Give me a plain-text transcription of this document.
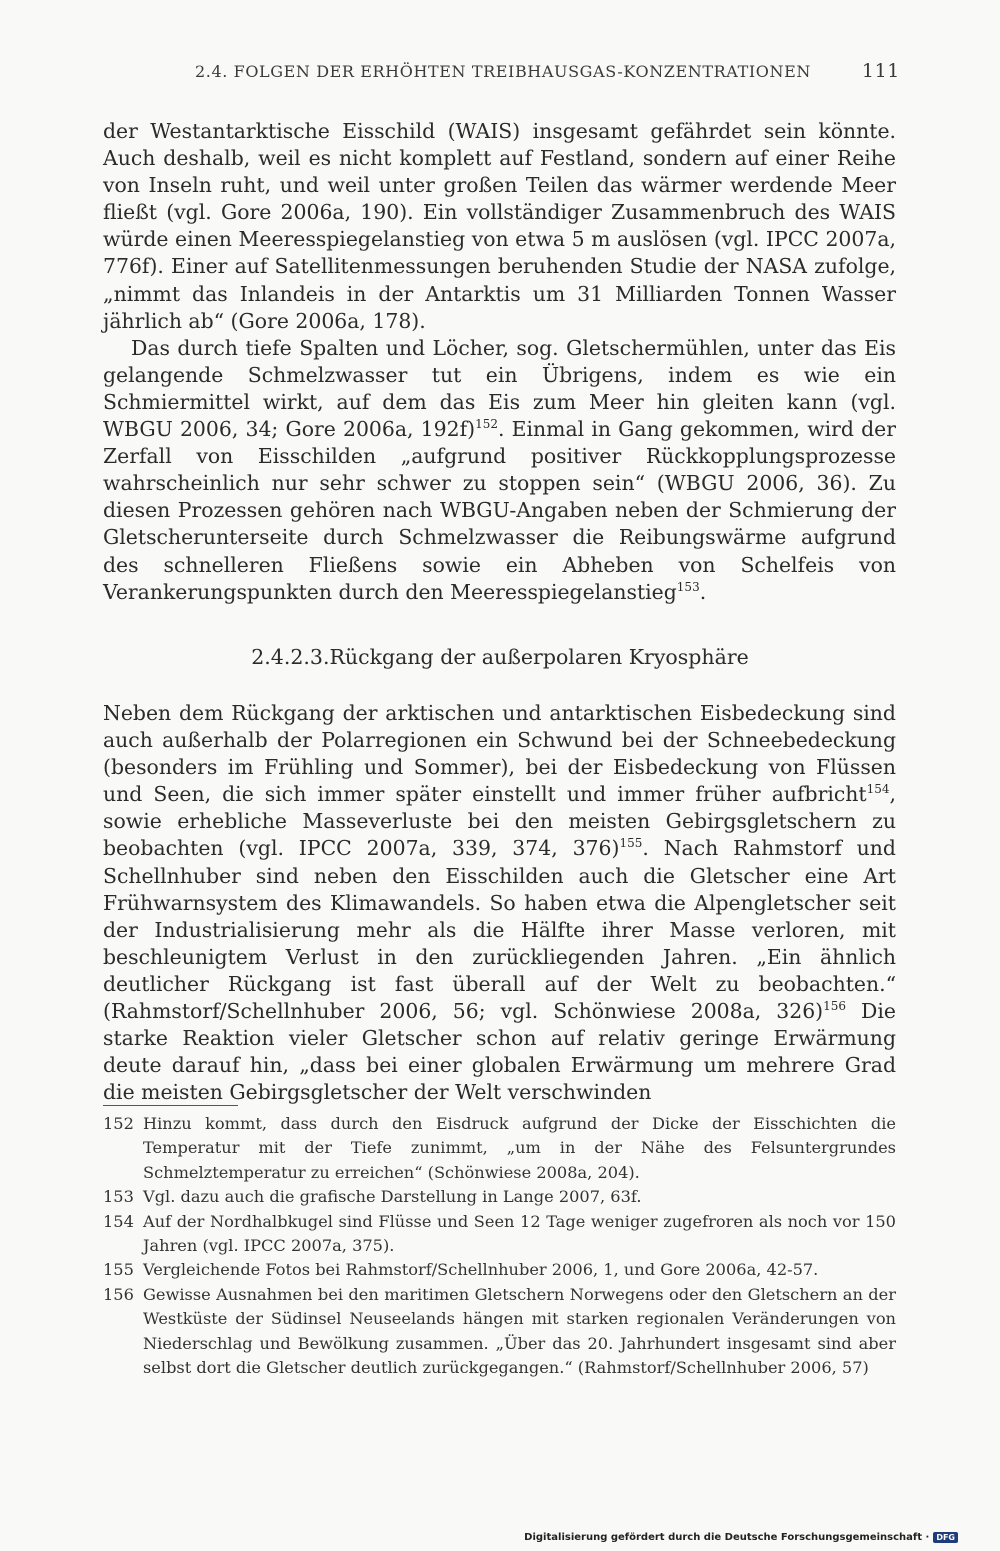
2.4. FOLGEN DER ERHÖHTEN TREIBHAUSGAS-KONZENTRATIONEN	111

der Westantarktische Eisschild (WAIS) insgesamt gefährdet sein könnte. Auch deshalb, weil es nicht komplett auf Festland, sondern auf einer Reihe von Inseln ruht, und weil unter großen Teilen das wärmer werdende Meer fließt (vgl. Gore 2006a, 190). Ein vollständiger Zusammenbruch des WAIS würde einen Meeresspiegelanstieg von etwa 5 m auslösen (vgl. IPCC 2007a, 776f). Einer auf Satellitenmessungen beruhenden Studie der NASA zufolge, „nimmt das Inlandeis in der Antarktis um 31 Milliarden Tonnen Wasser jährlich ab“ (Gore 2006a, 178).

Das durch tiefe Spalten und Löcher, sog. Gletschermühlen, unter das Eis gelangende Schmelzwasser tut ein Übrigens, indem es wie ein Schmiermittel wirkt, auf dem das Eis zum Meer hin gleiten kann (vgl. WBGU 2006, 34; Gore 2006a, 192f)$^{152}$. Einmal in Gang gekommen, wird der Zerfall von Eisschilden „aufgrund positiver Rückkopplungsprozesse wahrscheinlich nur sehr schwer zu stoppen sein“ (WBGU 2006, 36). Zu diesen Prozessen gehören nach WBGU-Angaben neben der Schmierung der Gletscherunterseite durch Schmelzwasser die Reibungswärme aufgrund des schnelleren Fließens sowie ein Abheben von Schelfeis von Verankerungspunkten durch den Meeresspiegelanstieg$^{153}$.

2.4.2.3.Rückgang der außerpolaren Kryosphäre

Neben dem Rückgang der arktischen und antarktischen Eisbedeckung sind auch außerhalb der Polarregionen ein Schwund bei der Schneebedeckung (besonders im Frühling und Sommer), bei der Eisbedeckung von Flüssen und Seen, die sich immer später einstellt und immer früher aufbricht$^{154}$, sowie erhebliche Masseverluste bei den meisten Gebirgsgletschern zu beobachten (vgl. IPCC 2007a, 339, 374, 376)$^{155}$. Nach Rahmstorf und Schellnhuber sind neben den Eisschilden auch die Gletscher eine Art Frühwarnsystem des Klimawandels. So haben etwa die Alpengletscher seit der Industrialisierung mehr als die Hälfte ihrer Masse verloren, mit beschleunigtem Verlust in den zurückliegenden Jahren. „Ein ähnlich deutlicher Rückgang ist fast überall auf der Welt zu beobachten.“ (Rahmstorf/Schellnhuber 2006, 56; vgl. Schönwiese 2008a, 326)$^{156}$ Die starke Reaktion vieler Gletscher schon auf relativ geringe Erwärmung deute darauf hin, „dass bei einer globalen Erwärmung um mehrere Grad die meisten Gebirgsgletscher der Welt verschwinden

152 Hinzu kommt, dass durch den Eisdruck aufgrund der Dicke der Eisschichten die Temperatur mit der Tiefe zunimmt, „um in der Nähe des Felsuntergrundes Schmelztemperatur zu erreichen“ (Schönwiese 2008a, 204).
153 Vgl. dazu auch die grafische Darstellung in Lange 2007, 63f.
154 Auf der Nordhalbkugel sind Flüsse und Seen 12 Tage weniger zugefroren als noch vor 150 Jahren (vgl. IPCC 2007a, 375).
155 Vergleichende Fotos bei Rahmstorf/Schellnhuber 2006, 1, und Gore 2006a, 42-57.
156 Gewisse Ausnahmen bei den maritimen Gletschern Norwegens oder den Gletschern an der Westküste der Südinsel Neuseelands hängen mit starken regionalen Veränderungen von Niederschlag und Bewölkung zusammen. „Über das 20. Jahrhundert insgesamt sind aber selbst dort die Gletscher deutlich zurückgegangen.“ (Rahmstorf/Schellnhuber 2006, 57)
Digitalisierung gefördert durch die Deutsche Forschungsgemeinschaft · DFG
